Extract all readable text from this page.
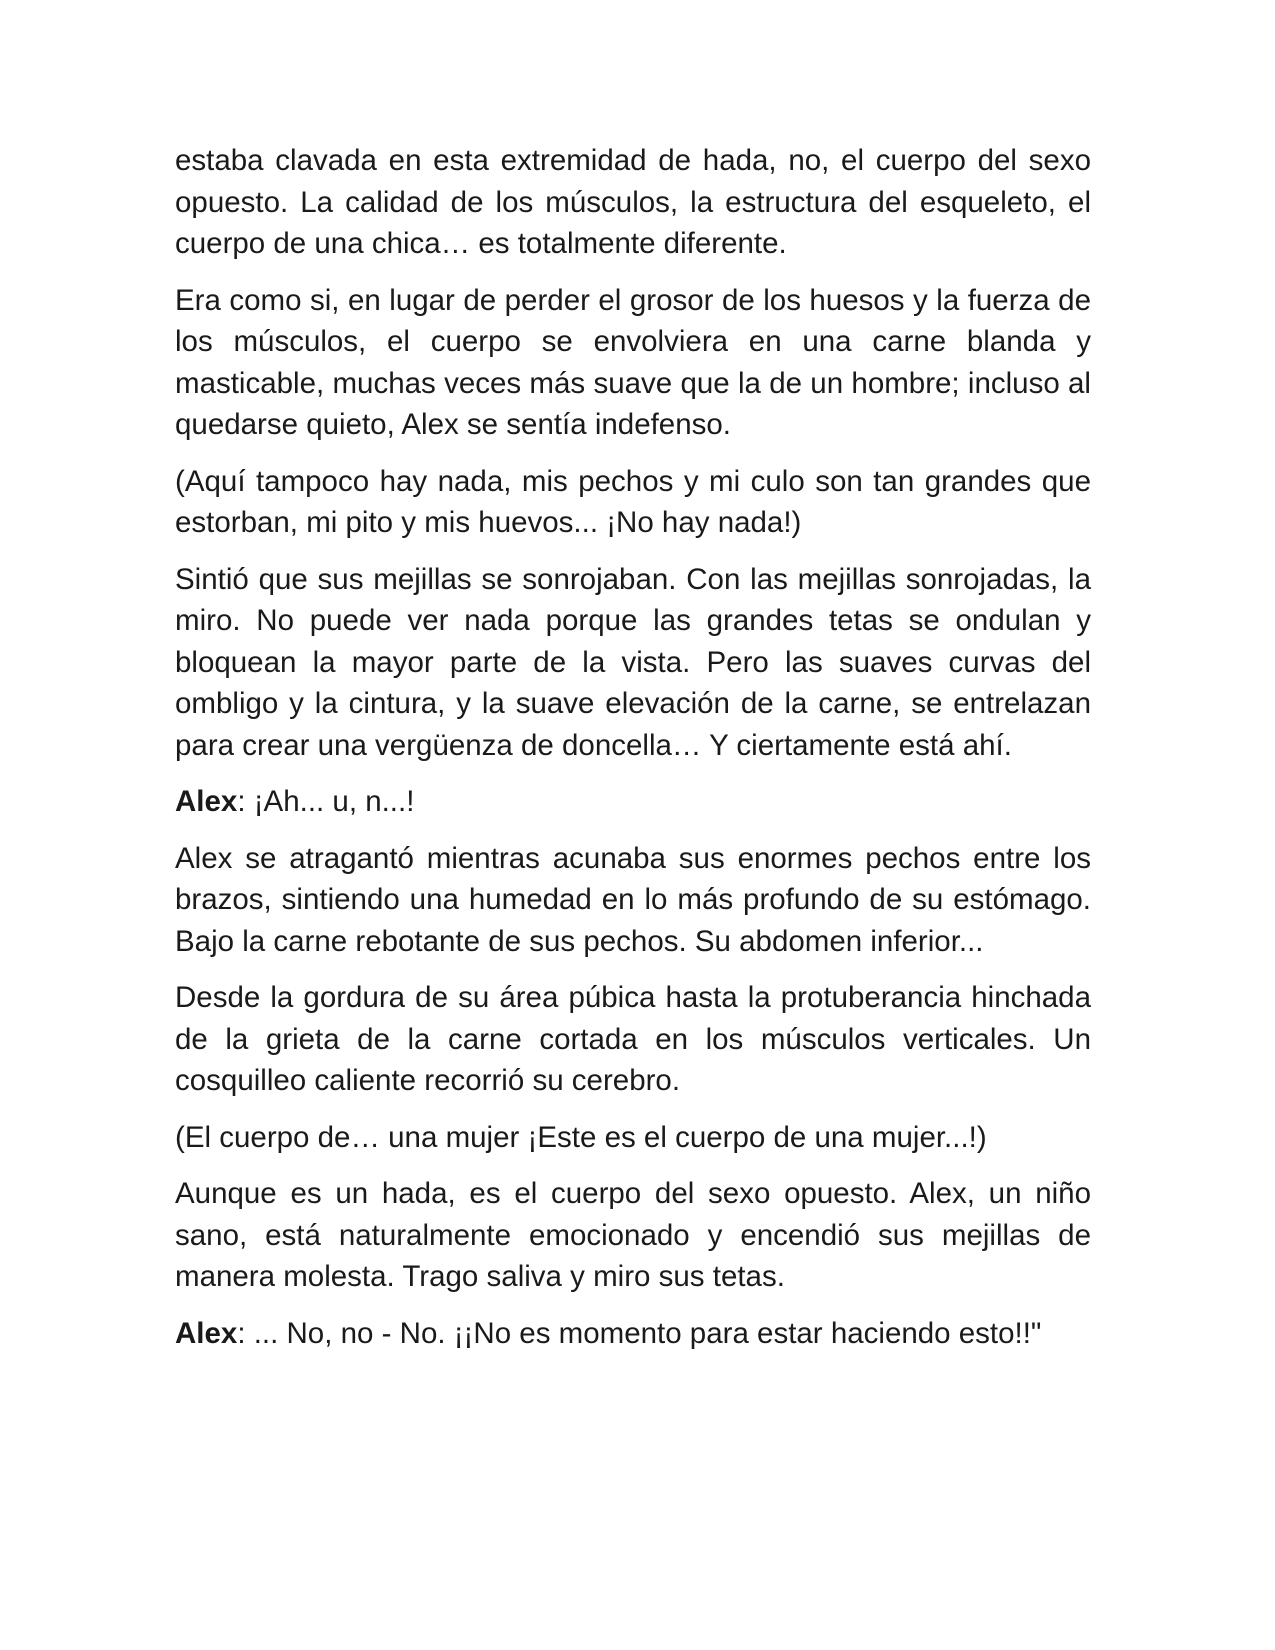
estaba clavada en esta extremidad de hada, no, el cuerpo del sexo opuesto. La calidad de los músculos, la estructura del esqueleto, el cuerpo de una chica… es totalmente diferente.

Era como si, en lugar de perder el grosor de los huesos y la fuerza de los músculos, el cuerpo se envolviera en una carne blanda y masticable, muchas veces más suave que la de un hombre; incluso al quedarse quieto, Alex se sentía indefenso.

(Aquí tampoco hay nada, mis pechos y mi culo son tan grandes que estorban, mi pito y mis huevos... ¡No hay nada!)

Sintió que sus mejillas se sonrojaban. Con las mejillas sonrojadas, la miro. No puede ver nada porque las grandes tetas se ondulan y bloquean la mayor parte de la vista. Pero las suaves curvas del ombligo y la cintura, y la suave elevación de la carne, se entrelazan para crear una vergüenza de doncella… Y ciertamente está ahí.

Alex: ¡Ah... u, n...!

Alex se atragantó mientras acunaba sus enormes pechos entre los brazos, sintiendo una humedad en lo más profundo de su estómago. Bajo la carne rebotante de sus pechos. Su abdomen inferior...

Desde la gordura de su área púbica hasta la protuberancia hinchada de la grieta de la carne cortada en los músculos verticales. Un cosquilleo caliente recorrió su cerebro.

(El cuerpo de… una mujer ¡Este es el cuerpo de una mujer...!)

Aunque es un hada, es el cuerpo del sexo opuesto. Alex, un niño sano, está naturalmente emocionado y encendió sus mejillas de manera molesta. Trago saliva y miro sus tetas.

Alex: ... No, no - No. ¡¡No es momento para estar haciendo esto!!"
